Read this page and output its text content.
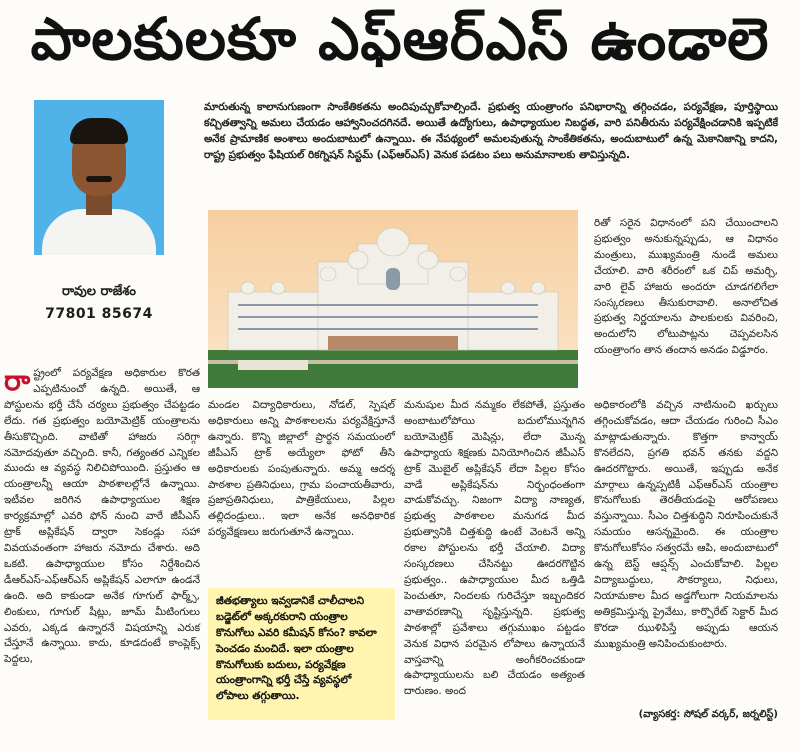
పాలకులకూ ఎఫ్‌ఆర్‌ఎస్ ఉండాలె
రావుల రాజేశం
77801 85674
మారుతున్న కాలానుగుణంగా సాంకేతికతను అందిపుచ్చుకోవాల్సిందే. ప్రభుత్వ యంత్రాంగం పనిభారాన్ని తగ్గించడం, పర్యవేక్షణ, పూర్తిస్థాయి కచ్చితత్వాన్ని అమలు చేయడం ఆహ్వానించదగినదే. అయితే ఉద్యోగులు, ఉపాధ్యాయుల నిబద్ధత, వారి పనితీరును పర్యవేక్షించడానికి ఇప్పటికే అనేక ప్రామాణిక అంశాలు అందుబాటులో ఉన్నాయి. ఈ నేపథ్యంలో అమలవుతున్న సాంకేతికతను, అందుబాటులో ఉన్న మెకానిజాన్ని కాదని, రాష్ట్ర ప్రభుత్వం ఫేషియల్ రికగ్నిషన్ సిస్టమ్ (ఎఫ్‌ఆర్‌ఎస్) వెనుక పడటం పలు అనుమానాలకు తావిస్తున్నది.
రా ష్ట్రంలో పర్యవేక్షణ అధికారుల కొరత ఎప్పటినుంచో ఉన్నది. అయితే, ఆ పోస్టులను భర్తీ చేసే చర్యలు ప్రభుత్వం చేపట్టడం లేదు. గత ప్రభుత్వం బయోమెట్రిక్ యంత్రాలను తీసుకొచ్చింది. వాటితో హాజరు సరిగ్గా నమోదవుతూ వచ్చింది. కానీ, గత్యంతర ఎన్నికల ముందు ఆ వ్యవస్థ నిలిచిపోయింది. ప్రస్తుతం ఆ యంత్రాలన్నీ ఆయా పాఠశాలల్లోనే ఉన్నాయి. ఇటీవల జరిగిన ఉపాధ్యాయుల శిక్షణ కార్యక్రమాల్లో ఎవరి ఫోన్ నుంచి వారే జీపీఎస్ ట్రాక్ అప్లికేషన్ ద్వారా సెకండ్లు సహా వివయవంతంగా హాజరు నమోదు చేశారు. అది ఒకటి. ఉపాధ్యాయుల కోసం నిర్దేశించిన డీఆర్‌ఎస్-ఎఫ్‌ఆర్‌ఎస్ అప్లికేషన్ ఎలాగూ ఉండనే ఉంది. అది కాకుండా అనేక గూగుల్ ఫార్మ్స్, లింకులు, గూగుల్ షీట్లు, జూమ్ మీటింగులు ఎవరు, ఎక్కడ ఉన్నారనే విషయాన్ని ఎరుక చేస్తూనే ఉన్నాయి. కాదు, కూడదంటే కాంప్లెక్స్ పెద్దలు,
మండల విద్యాధికారులు, నోడల్, స్పెషల్ అధికారులు అన్ని పాఠశాలలను పర్యవేక్షిస్తూనే ఉన్నారు. కొన్ని జిల్లాలో ప్రార్థన సమయంలో జీపీఎస్ ట్రాక్ అయ్యేలా ఫోటో తీసి అధికారులకు పంపుతున్నారు. అమ్మ ఆదర్శ పాఠశాల ప్రతినిధులు, గ్రామ పంచాయతీవారు, ప్రజాప్రతినిధులు, పాత్రికేయులు, పిల్లల తల్లిదండ్రులు.. ఇలా అనేక అనధికారిక పర్యవేక్షణలు జరుగుతూనే ఉన్నాయి.
జీతభత్యాలు ఇవ్వడానికే చాలీచాలని బడ్జెట్‌లో అక్కరకురాని యంత్రాల కొనుగోలు ఎవరి కమీషన్ కోసం? కావలా పెంచడం మంచిదే. ఇలా యంత్రాల కొనుగోలుకు బదులు, పర్యవేక్షణ యంత్రాంగాన్ని భర్తీ చేస్తే వ్యవస్థలో లోపాలు తగ్గుతాయి.
మనుషుల మీద నమ్మకం లేకపోతే, ప్రస్తుతం అంబాటులోపోయి బదులోమున్నగిన బయోమెట్రిక్ మెషిన్లు, లేదా మొన్న ఉపాధ్యాయ శిక్షణకు వినియోగించిన జీపీఎస్ ట్రాక్ మొబైల్ అప్లికేషన్ లేదా పిల్లల కోసం వాడే అప్లికేషన్‌ను నిర్బంధంతంగా వాడుకోవచ్చు. నిజంగా విద్యా నాణ్యత, ప్రభుత్వ పాఠశాలల మనుగడ మీద ప్రభుత్వానికి చిత్తశుద్ధి ఉంటే వెంటనే అన్ని రకాల పోస్టులను భర్తీ చేయాలి. విద్యా సంస్కరణలు చేసినట్టు ఊదరగొట్టిన ప్రభుత్వం.. ఉపాధ్యాయుల మీద ఒత్తిడి పెంచుతూ, నిందలకు గురిచేస్తూ ఇబ్బందికర వాతావరణాన్ని సృష్టిస్తున్నది. ప్రభుత్వ పాఠశాల్లో ప్రవేశాలు తగ్గుముఖం పట్టడం వెనుక విధాన పరమైన లోపాలు ఉన్నాయనే వాస్తవాన్ని అంగీకరించకుండా ఉపాధ్యాయులను బలి చేయడం అత్యంత దారుణం. అంద
రితో సరైన విధానంలో పని చేయించాలని ప్రభుత్వం అనుకున్నప్పుడు, ఆ విధానం మంత్రులు, ముఖ్యమంత్రి నుండే అమలు చేయాలి. వారి శరీరంలో ఒక చిప్ అమర్చి, వారి లైవ్ హాజరు అందరూ చూడగలిగేలా సంస్కరణలు తీసుకురావాలి. అనాలోచిత ప్రభుత్వ నిర్ణయాలను పాలకులకు వివరించి, అందులోని లోటుపాట్లను చెప్పవలసిన యంత్రాంగం తాన తందాన అనడం విడ్డూరం.
అధికారంలోకి వచ్చిన నాటినుంచి ఖర్చులు తగ్గించుకోవడం, ఆదా చేయడం గురించి సీఎం మాట్లాడుతున్నారు. కొత్తగా కాన్వాయ్ కొనలేదని, ప్రగతి భవన్ తనకు వద్దని ఊదరగొట్టారు. అయితే, ఇప్పుడు అనేక మార్గాలు ఉన్నప్పటికీ ఎఫ్‌ఆర్‌ఎస్ యంత్రాల కొనుగోలుకు తెరతీయడంపై ఆరోపణలు వస్తున్నాయి. సీఎం చిత్తశుద్ధిని నిరూపించుకునే సమయం ఆసన్నమైంది. ఈ యంత్రాల కొనుగోలుకోసం సత్వరమే ఆపి, అందుబాటులో ఉన్న బెస్ట్ ఆప్షన్స్ ఎంచుకోవాలి. పిల్లల విద్యాబుద్ధులు, సౌకర్యాలు, నిధులు, నియామకాల మీద అడ్డగోలుగా నియమాలను అతిక్రమిస్తున్న ప్రైవేటు, కార్పొరేట్ సెక్టార్ మీద కొరడా ఝుళిపిస్తే అప్పుడు ఆయన ముఖ్యమంత్రి అనిపించుకుంటారు.
(వ్యాసకర్త: సోషల్ వర్కర్, జర్నలిస్ట్)
